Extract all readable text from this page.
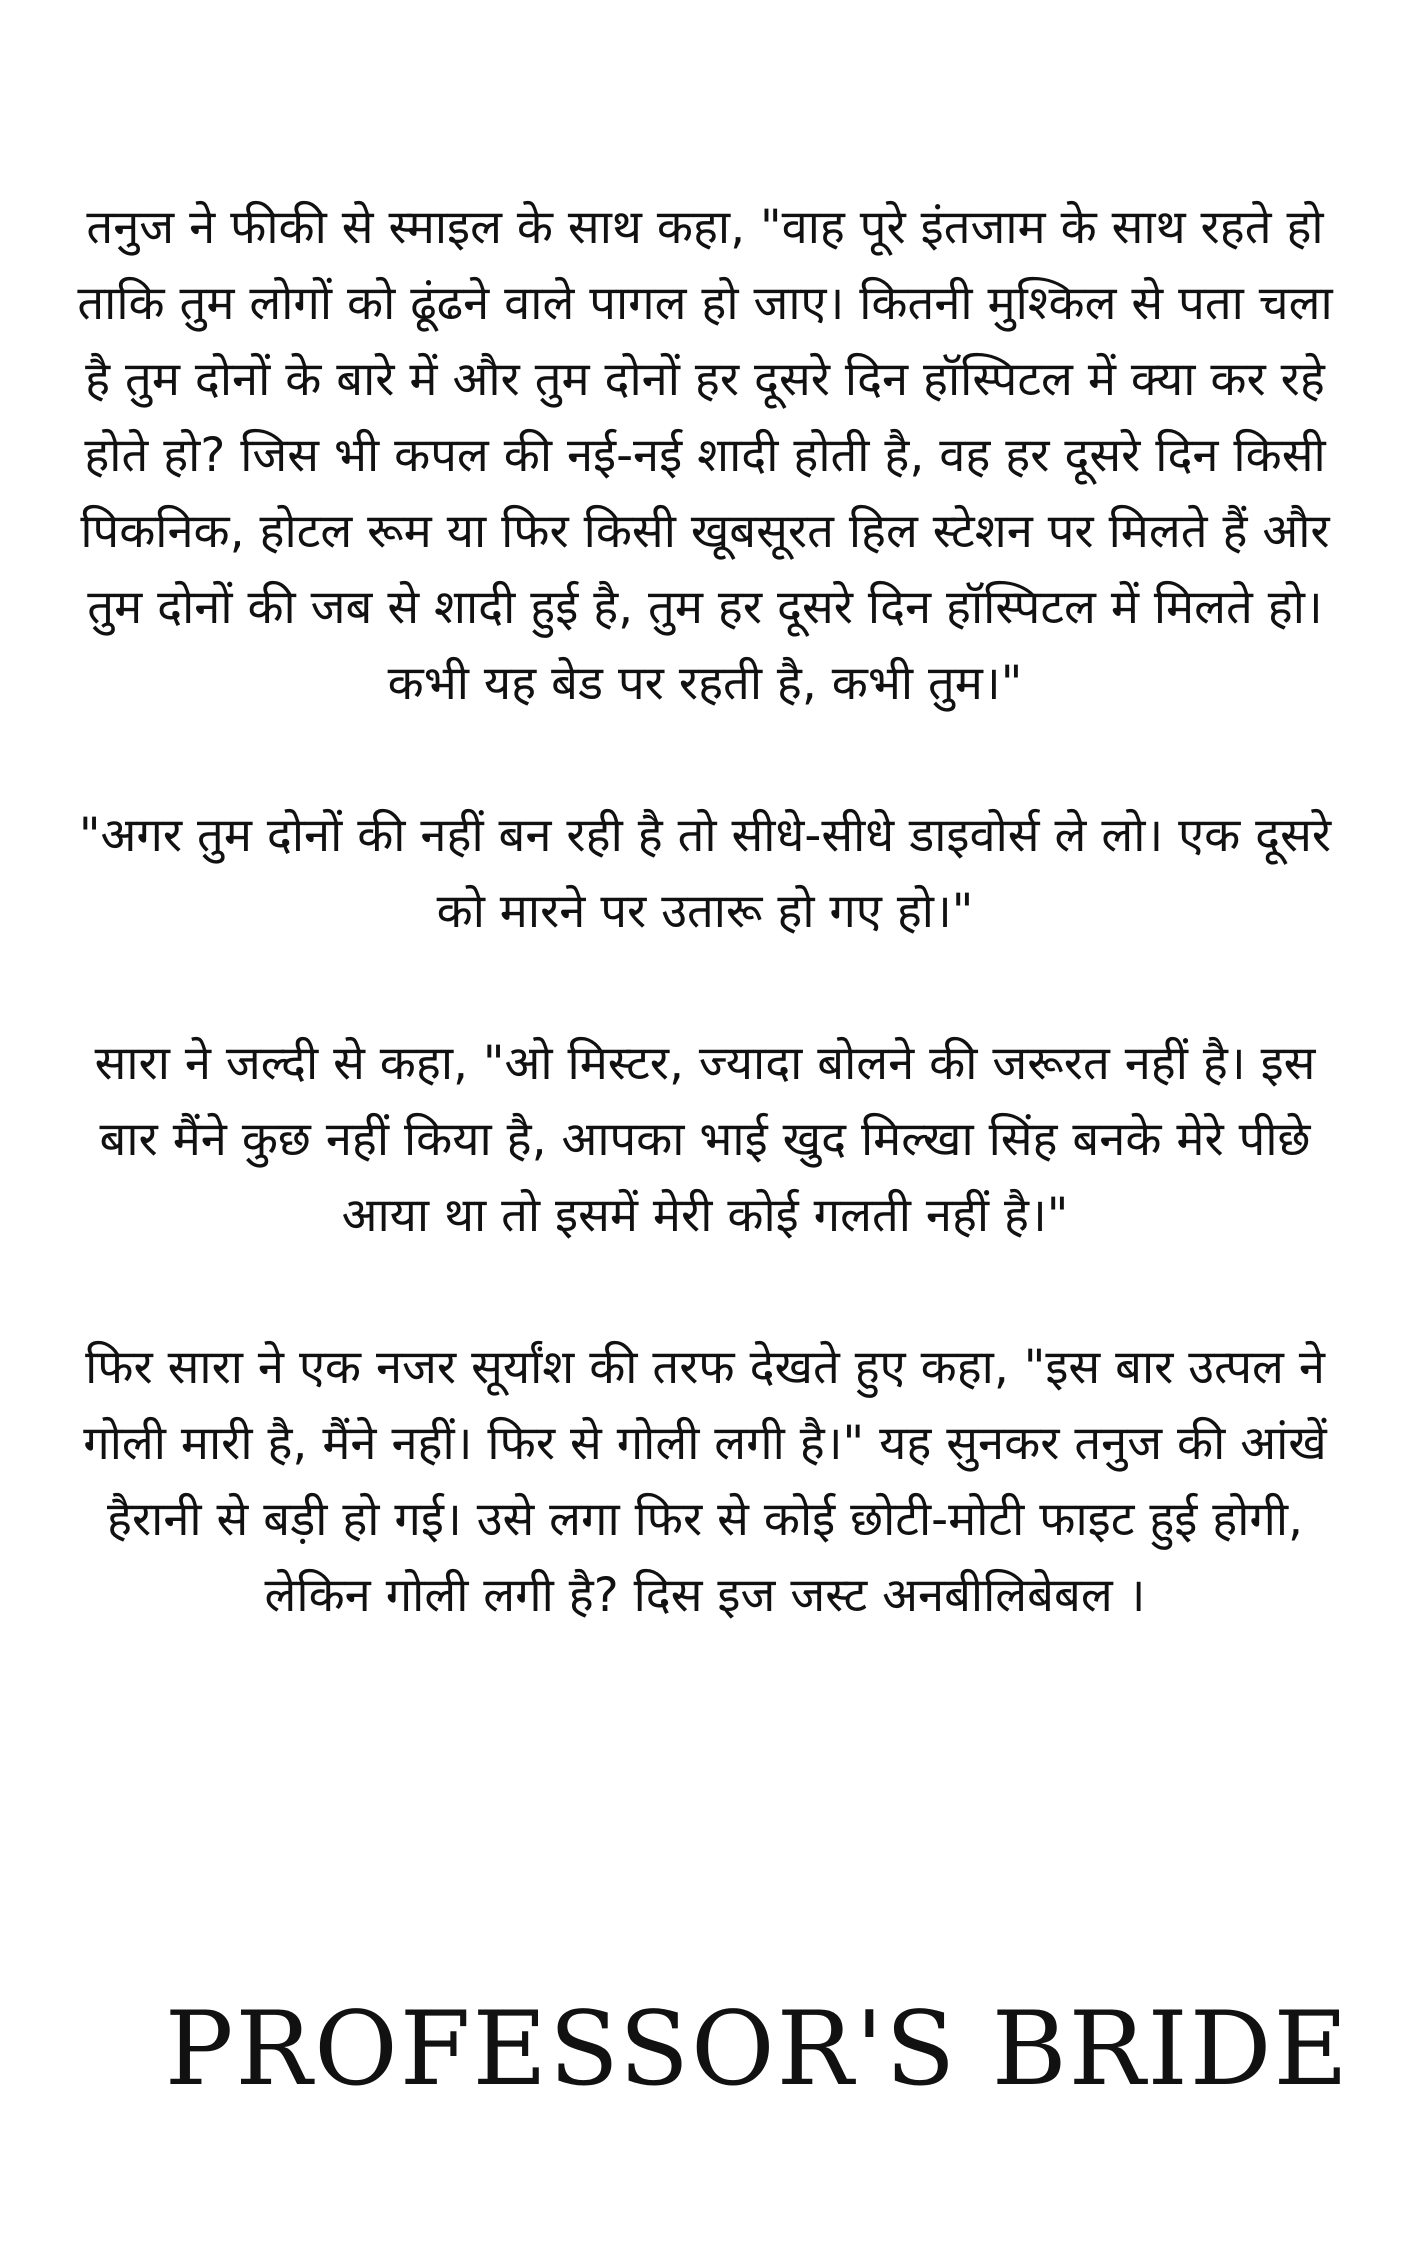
तनुज ने फीकी से स्माइल के साथ कहा, "वाह पूरे इंतजाम के साथ रहते हो ताकि तुम लोगों को ढूंढने वाले पागल हो जाए। कितनी मुश्किल से पता चला है तुम दोनों के बारे में और तुम दोनों हर दूसरे दिन हॉस्पिटल में क्या कर रहे होते हो? जिस भी कपल की नई-नई शादी होती है, वह हर दूसरे दिन किसी पिकनिक, होटल रूम या फिर किसी खूबसूरत हिल स्टेशन पर मिलते हैं और तुम दोनों की जब से शादी हुई है, तुम हर दूसरे दिन हॉस्पिटल में मिलते हो। कभी यह बेड पर रहती है, कभी तुम।"

"अगर तुम दोनों की नहीं बन रही है तो सीधे-सीधे डाइवोर्स ले लो। एक दूसरे को मारने पर उतारू हो गए हो।"

सारा ने जल्दी से कहा, "ओ मिस्टर, ज्यादा बोलने की जरूरत नहीं है। इस बार मैंने कुछ नहीं किया है, आपका भाई खुद मिल्खा सिंह बनके मेरे पीछे आया था तो इसमें मेरी कोई गलती नहीं है।"

फिर सारा ने एक नजर सूर्यांश की तरफ देखते हुए कहा, "इस बार उत्पल ने गोली मारी है, मैंने नहीं। फिर से गोली लगी है।" यह सुनकर तनुज की आंखें हैरानी से बड़ी हो गई। उसे लगा फिर से कोई छोटी-मोटी फाइट हुई होगी, लेकिन गोली लगी है? दिस इज जस्ट अनबीलिबेबल ।

PROFESSOR'S BRIDE
